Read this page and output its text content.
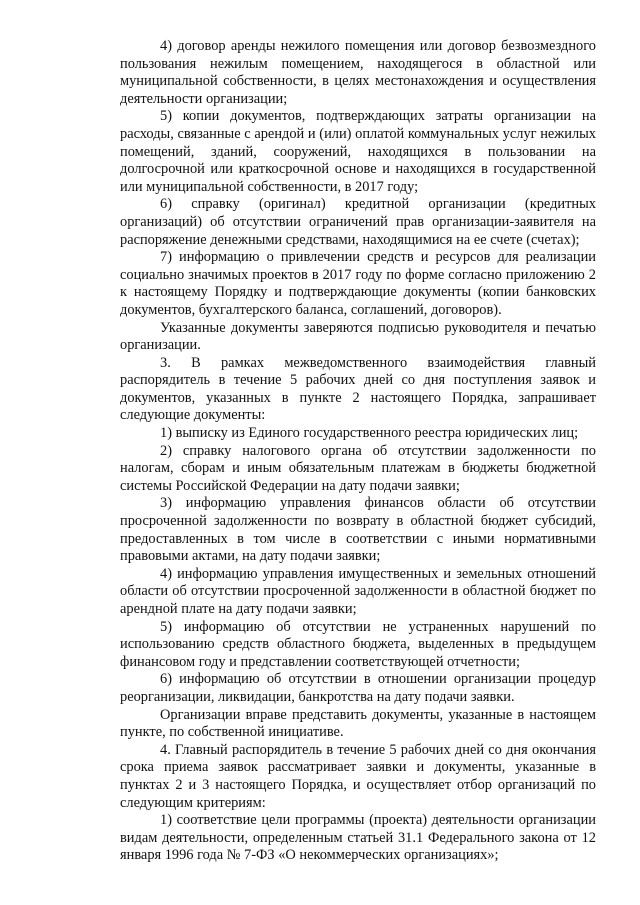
4) договор аренды нежилого помещения или договор безвозмездного пользования нежилым помещением, находящегося в областной или муниципальной собственности, в целях местонахождения и осуществления деятельности организации;

5) копии документов, подтверждающих затраты организации на расходы, связанные с арендой и (или) оплатой коммунальных услуг нежилых помещений, зданий, сооружений, находящихся в пользовании на долгосрочной или краткосрочной основе и находящихся в государственной или муниципальной собственности, в 2017 году;

6) справку (оригинал) кредитной организации (кредитных организаций) об отсутствии ограничений прав организации-заявителя на распоряжение денежными средствами, находящимися на ее счете (счетах);

7) информацию о привлечении средств и ресурсов для реализации социально значимых проектов в 2017 году по форме согласно приложению 2 к настоящему Порядку и подтверждающие документы (копии банковских документов, бухгалтерского баланса, соглашений, договоров).

Указанные документы заверяются подписью руководителя и печатью организации.

3. В рамках межведомственного взаимодействия главный распорядитель в течение 5 рабочих дней со дня поступления заявок и документов, указанных в пункте 2 настоящего Порядка, запрашивает следующие документы:

1) выписку из Единого государственного реестра юридических лиц;

2) справку налогового органа об отсутствии задолженности по налогам, сборам и иным обязательным платежам в бюджеты бюджетной системы Российской Федерации на дату подачи заявки;

3) информацию управления финансов области об отсутствии просроченной задолженности по возврату в областной бюджет субсидий, предоставленных в том числе в соответствии с иными нормативными правовыми актами, на дату подачи заявки;

4) информацию управления имущественных и земельных отношений области об отсутствии просроченной задолженности в областной бюджет по арендной плате на дату подачи заявки;

5) информацию об отсутствии не устраненных нарушений по использованию средств областного бюджета, выделенных в предыдущем финансовом году и представлении соответствующей отчетности;

6) информацию об отсутствии в отношении организации процедур реорганизации, ликвидации, банкротства на дату подачи заявки.

Организации вправе представить документы, указанные в настоящем пункте, по собственной инициативе.

4. Главный распорядитель в течение 5 рабочих дней со дня окончания срока приема заявок рассматривает заявки и документы, указанные в пунктах 2 и 3 настоящего Порядка, и осуществляет отбор организаций по следующим критериям:

1) соответствие цели программы (проекта) деятельности организации видам деятельности, определенным статьей 31.1 Федерального закона от 12 января 1996 года № 7-ФЗ «О некоммерческих организациях»;
